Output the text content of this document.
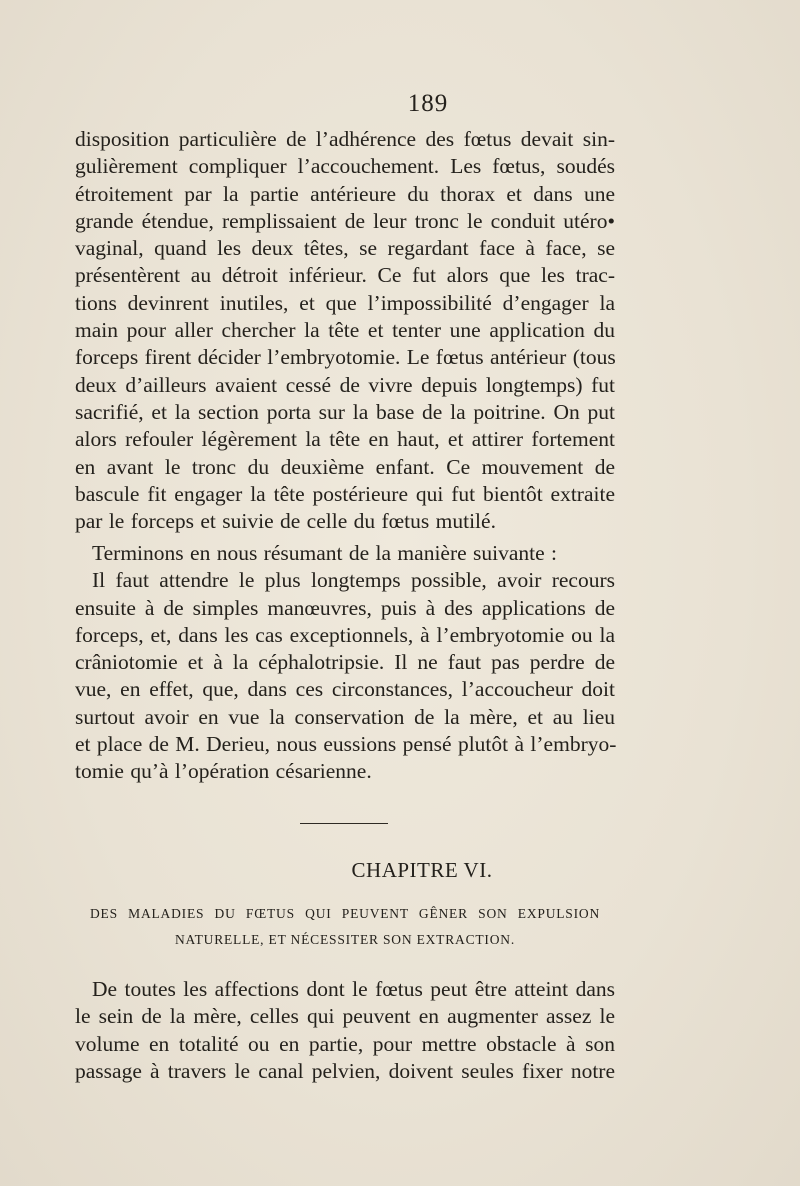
189
disposition particulière de l’adhérence des fœtus devait sin-
gulièrement compliquer l’accouchement. Les fœtus, soudés
étroitement par la partie antérieure du thorax et dans une
grande étendue, remplissaient de leur tronc le conduit utéro•
vaginal, quand les deux têtes, se regardant face à face, se
présentèrent au détroit inférieur. Ce fut alors que les trac-
tions devinrent inutiles, et que l’impossibilité d’engager la
main pour aller chercher la tête et tenter une application du
forceps firent décider l’embryotomie. Le fœtus antérieur (tous
deux d’ailleurs avaient cessé de vivre depuis longtemps) fut
sacrifié, et la section porta sur la base de la poitrine. On put
alors refouler légèrement la tête en haut, et attirer fortement
en avant le tronc du deuxième enfant. Ce mouvement de
bascule fit engager la tête postérieure qui fut bientôt extraite
par le forceps et suivie de celle du fœtus mutilé.
Terminons en nous résumant de la manière suivante :
Il faut attendre le plus longtemps possible, avoir recours
ensuite à de simples manœuvres, puis à des applications de
forceps, et, dans les cas exceptionnels, à l’embryotomie ou la
crâniotomie et à la céphalotripsie. Il ne faut pas perdre de
vue, en effet, que, dans ces circonstances, l’accoucheur doit
surtout avoir en vue la conservation de la mère, et au lieu
et place de M. Derieu, nous eussions pensé plutôt à l’embryo-
tomie qu’à l’opération césarienne.
CHAPITRE VI.
DES MALADIES DU FŒTUS QUI PEUVENT GÊNER SON EXPULSION
NATURELLE, ET NÉCESSITER SON EXTRACTION.
De toutes les affections dont le fœtus peut être atteint dans
le sein de la mère, celles qui peuvent en augmenter assez le
volume en totalité ou en partie, pour mettre obstacle à son
passage à travers le canal pelvien, doivent seules fixer notre
